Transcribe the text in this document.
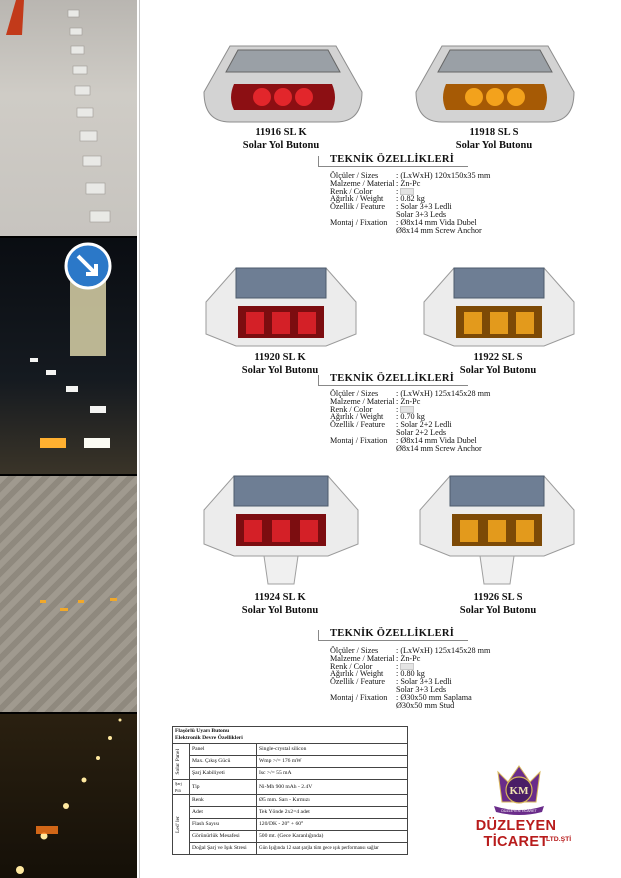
11916 SL K
Solar Yol Butonu
11918 SL S
Solar Yol Butonu
TEKNİK ÖZELLİKLERİ
Ölçüler / Sizes	: (LxWxH) 120x150x35 mm
Malzeme / Material : Zn-Pc
Renk / Color	:
Ağırlık / Weight	: 0.82 kg
Özellik / Feature	: Solar 3+3 Ledli
Solar 3+3 Leds
Montaj / Fixation	: Ø8x14 mm Vida Dubel
Ø8x14 mm Screw Anchor
11920 SL K
Solar Yol Butonu
11922 SL S
Solar Yol Butonu
TEKNİK ÖZELLİKLERİ
Ölçüler / Sizes	: (LxWxH) 125x145x28 mm
Malzeme / Material : Zn-Pc
Renk / Color	:
Ağırlık / Weight	: 0.70 kg
Özellik / Feature	: Solar 2+2 Ledli
Solar 2+2 Leds
Montaj / Fixation	: Ø8x14 mm Vida Dubel
Ø8x14 mm Screw Anchor
11924 SL K
Solar Yol Butonu
11926 SL S
Solar Yol Butonu
TEKNİK ÖZELLİKLERİ
Ölçüler / Sizes	: (LxWxH) 125x145x28 mm
Malzeme / Material : Zn-Pc
Renk / Color	:
Ağırlık / Weight	: 0.80 kg
Özellik / Feature	: Solar 3+3 Ledli
Solar 3+3 Leds
Montaj / Fixation	: Ø30x50 mm Saplama
Ø30x50 mm Stud
Flaşörlü Uyarı Butonu
Elektronik Devre Özellikleri		

Solar Panel	Panel	Single-crystal silicon
	Max. Çıkış Gücü	Wmp >/= 176 mW
	Şarj Kabiliyeti	Isc >/= 55 mA
Şarj Pili	Tip	Ni-Mh 900 mAh - 2.4V

Led' ler	Renk	Ø5 mm. Sarı - Kırmızı
	Adet	Tek Yönde 2x2=4 adet
	Flash Sayısı	120/DK - 20° + 60°
	Görünürlük Mesafesi	500 mt. (Gece Karanlığında)
	Doğal Şarj ve Işık Stresi	Gün Işığında 12 saat şarjla tüm gece ışık performansı sağlar
KM
DÜZLEYEN TİCARET
DÜZLEYEN TİCARET
LTD.ŞTİ
